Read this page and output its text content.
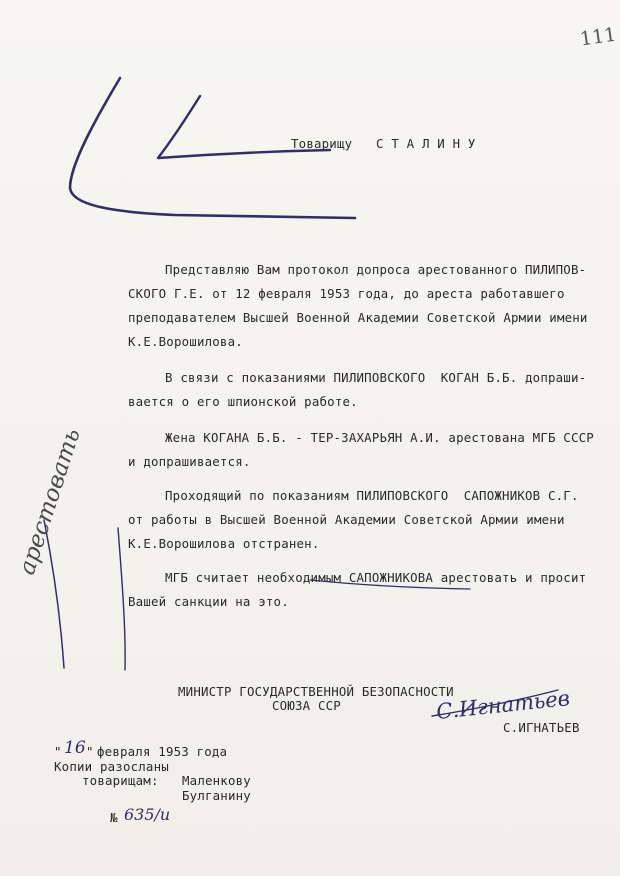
111
Товарищу С Т А Л И Н У
Представляю Вам протокол допроса арестованного ПИЛИПОВ-
СКОГО Г.Е. от 12 февраля 1953 года, до ареста работавшего
преподавателем Высшей Военной Академии Советской Армии имени
К.Е.Ворошилова.
В связи с показаниями ПИЛИПОВСКОГО  КОГАН Б.Б. допраши-
вается о его шпионской работе.
Жена КОГАНА Б.Б. - ТЕР-ЗАХАРЬЯН А.И. арестована МГБ СССР
и допрашивается.
Проходящий по показаниям ПИЛИПОВСКОГО  САПОЖНИКОВ С.Г.
от работы в Высшей Военной Академии Советской Армии имени
К.Е.Ворошилова отстранен.
МГБ считает необходимым САПОЖНИКОВА арестовать и просит
Вашей санкции на это.
МИНИСТР ГОСУДАРСТВЕННОЙ БЕЗОПАСНОСТИ
СОЮЗА ССР	С.Игнатьев
С.ИГНАТЬЕВ
" 16 " февраля 1953 года
Копии разосланы
товарищам: Маленкову
Булганину
№ 635/и
арестовать
